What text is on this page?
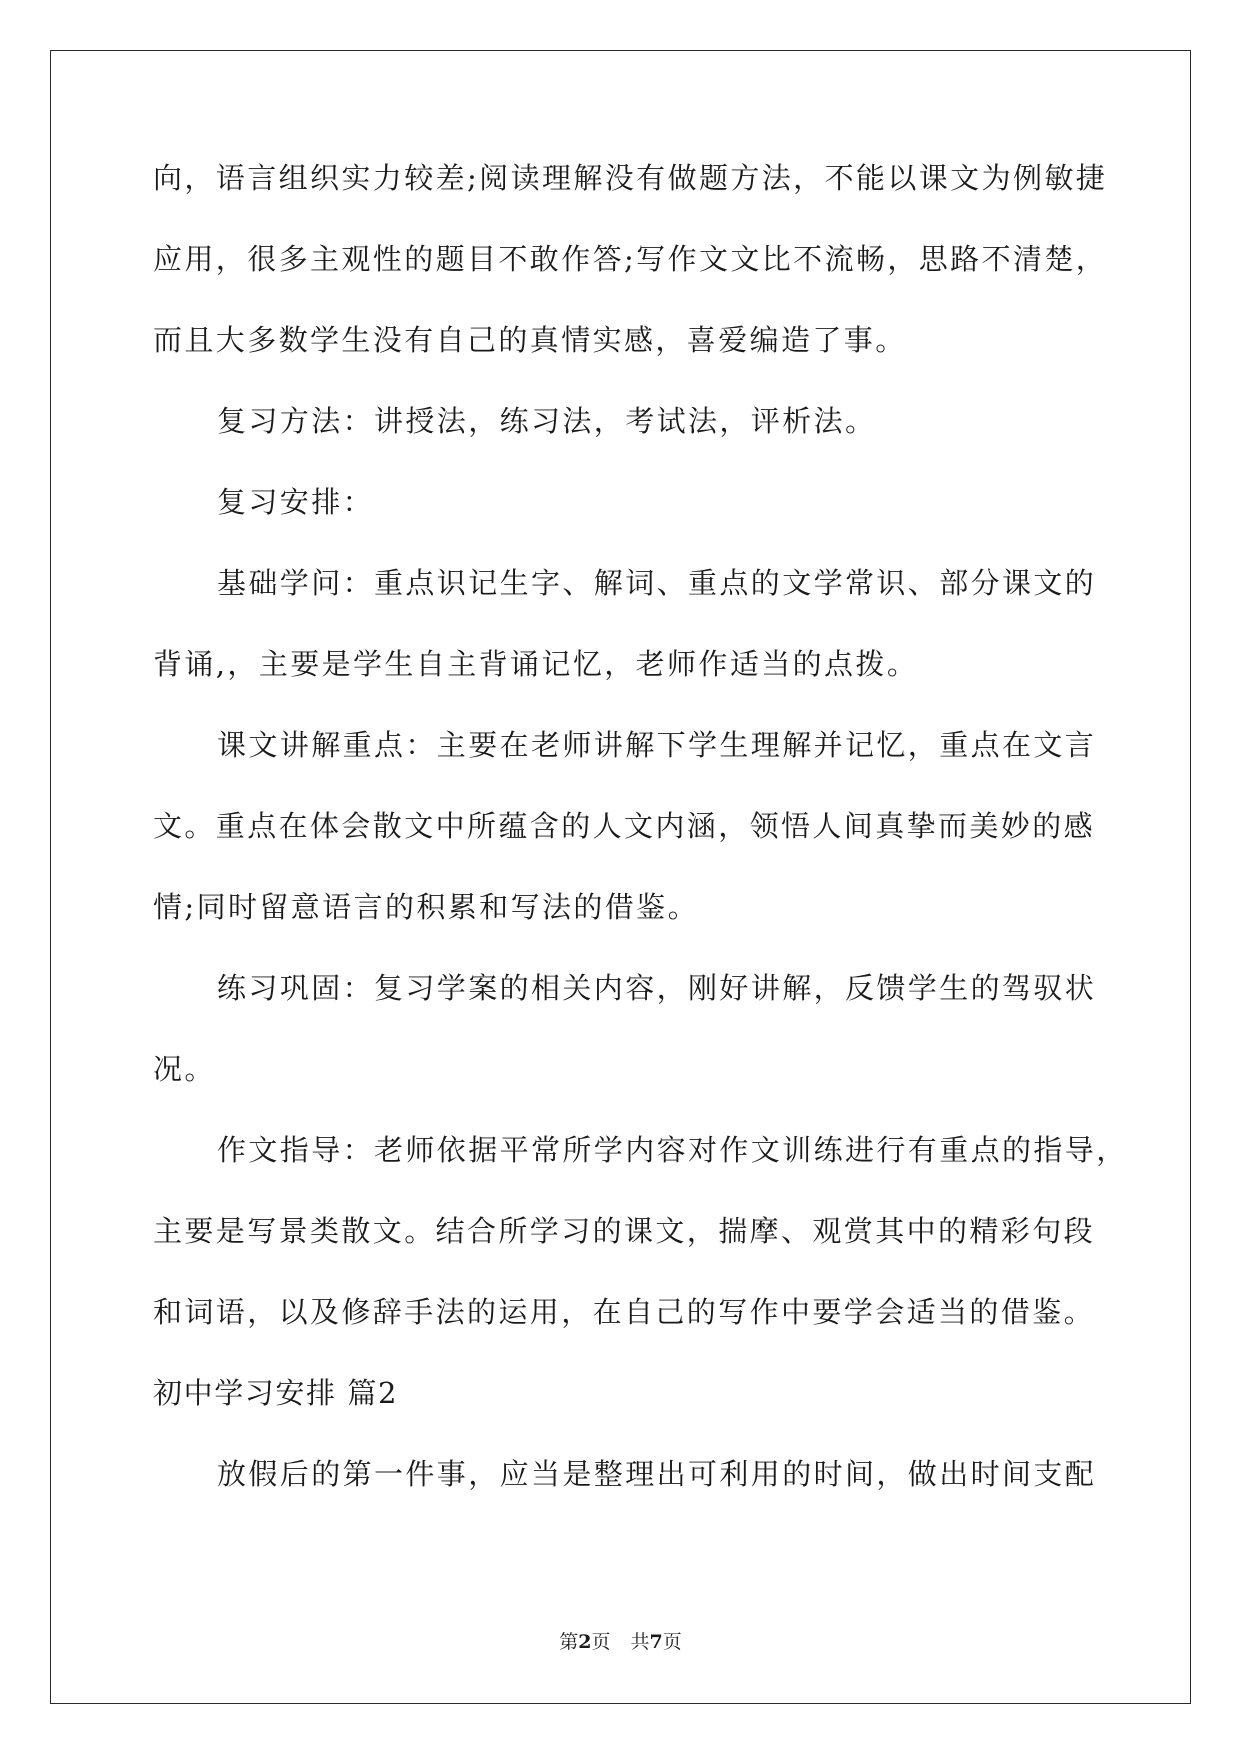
向，语言组织实力较差;阅读理解没有做题方法，不能以课文为例敏捷
应用，很多主观性的题目不敢作答;写作文文比不流畅，思路不清楚，
而且大多数学生没有自己的真情实感，喜爱编造了事。
复习方法：讲授法，练习法，考试法，评析法。
复习安排：
基础学问：重点识记生字、解词、重点的文学常识、部分课文的
背诵,，主要是学生自主背诵记忆，老师作适当的点拨。
课文讲解重点：主要在老师讲解下学生理解并记忆，重点在文言
文。重点在体会散文中所蕴含的人文内涵，领悟人间真挚而美妙的感
情;同时留意语言的积累和写法的借鉴。
练习巩固：复习学案的相关内容，刚好讲解，反馈学生的驾驭状
况。
作文指导：老师依据平常所学内容对作文训练进行有重点的指导，
主要是写景类散文。结合所学习的课文，揣摩、观赏其中的精彩句段
和词语，以及修辞手法的运用，在自己的写作中要学会适当的借鉴。
初中学习安排 篇2
放假后的第一件事，应当是整理出可利用的时间，做出时间支配
第2页 共7页
